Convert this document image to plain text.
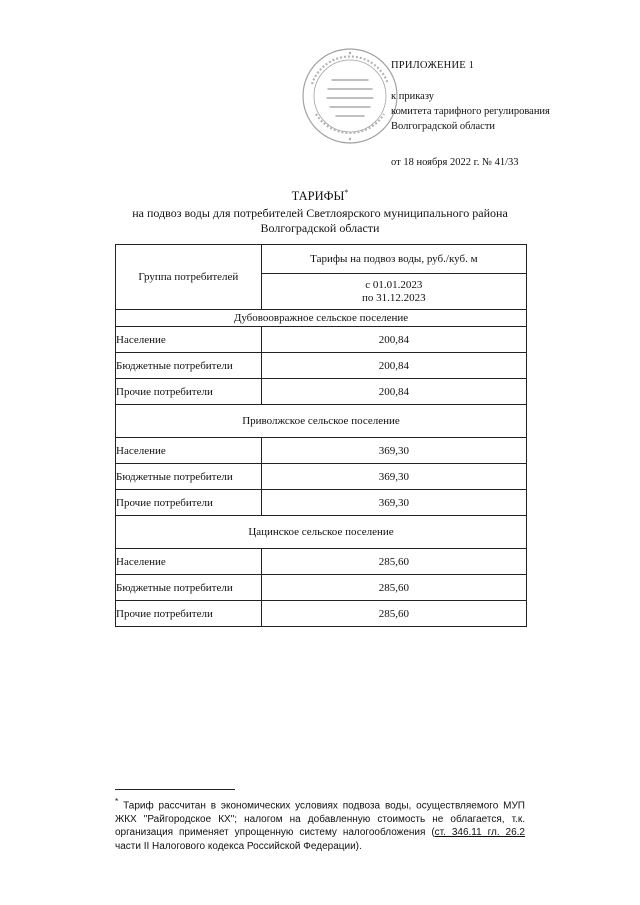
ПРИЛОЖЕНИЕ 1
к приказу
комитета тарифного регулирования
Волгоградской области
от 18 ноября 2022 г. № 41/33
ТАРИФЫ*
на подвоз воды для потребителей Светлоярского муниципального района
Волгоградской области
Группа потребителей	Тарифы на подвоз воды, руб./куб. м

	с 01.01.2023
по 31.12.2023

Дубовоовражное сельское поселение	
Население	200,84
Бюджетные потребители	200,84
Прочие потребители	200,84
Приволжское сельское поселение	
Население	369,30
Бюджетные потребители	369,30
Прочие потребители	369,30
Цацинское сельское поселение	
Население	285,60
Бюджетные потребители	285,60
Прочие потребители	285,60
* Тариф рассчитан в экономических условиях подвоза воды, осуществляемого МУП ЖКХ "Райгородское КХ"; налогом на добавленную стоимость не облагается, т.к. организация применяет упрощенную систему налогообложения (ст. 346.11 гл. 26.2 части II Налогового кодекса Российской Федерации).
